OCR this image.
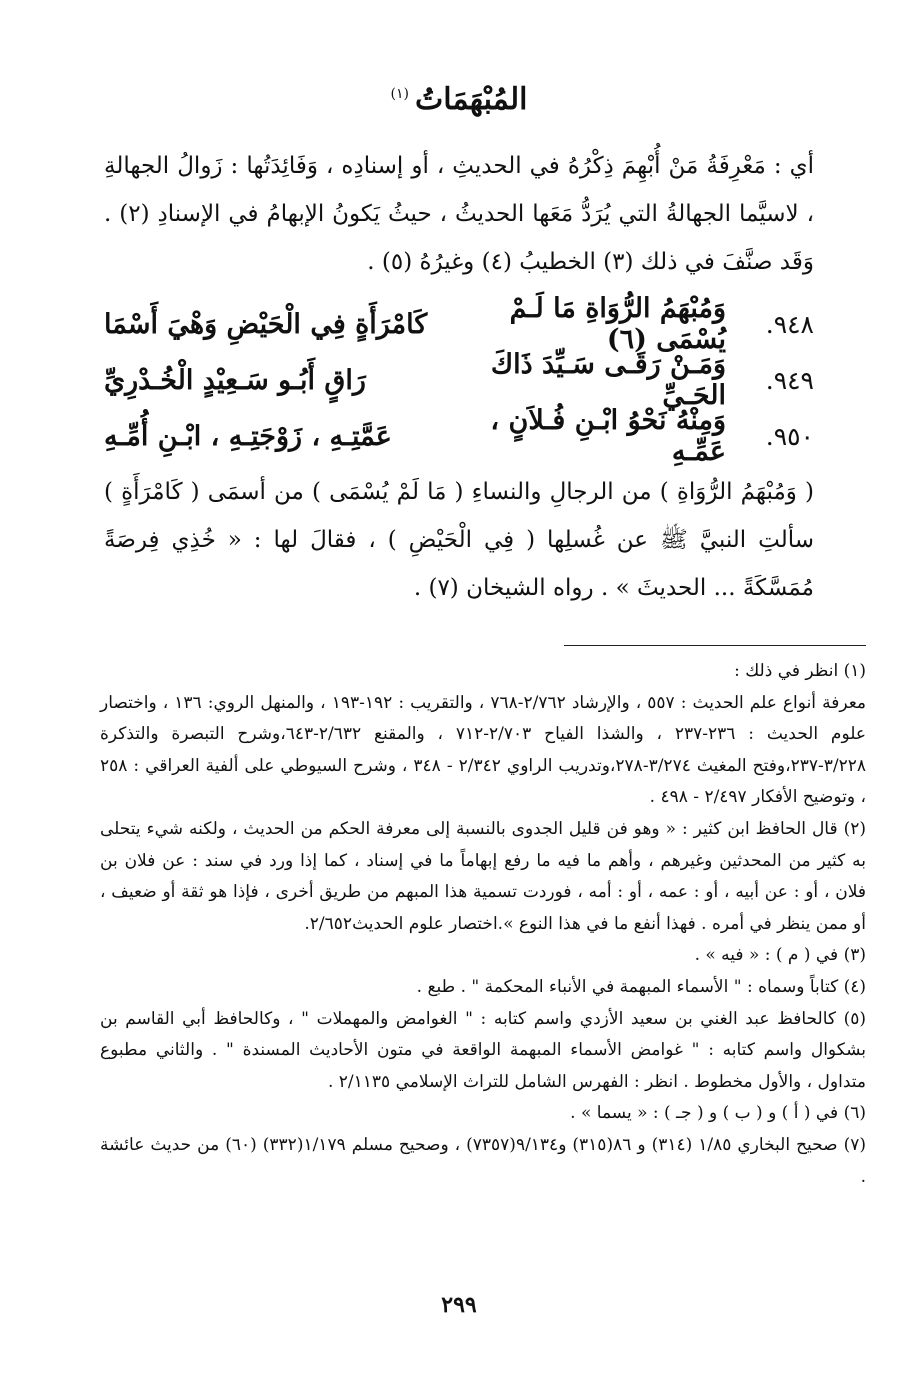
المُبْهَمَاتُ$^{(١)}$

أي : مَعْرِفَةُ مَنْ أُبْهِمَ ذِكْرُهُ في الحديثِ ، أو إسنادِه ، وَفَائِدَتُها : زَوالُ الجهالةِ ، لاسيَّما الجهالةُ التي يُرَدُّ مَعَها الحديثُ ، حيثُ يَكونُ الإبهامُ في الإسنادِ (٢) . وَقَد صنَّفَ في ذلك (٣) الخطيبُ (٤) وغيرُهُ (٥) .

٩٤٨.
وَمُبْهَمُ الرُّوَاةِ مَا لَـمْ يُسْمَى (٦)
كَامْرَأَةٍ فِي الْحَيْضِ وَهْيَ أَسْمَا
٩٤٩.
وَمَـنْ رَقَـى سَـيِّدَ ذَاكَ الحَـيِّ
رَاقٍ أَبُـو سَـعِيْدٍ الْخُـدْرِيِّ
٩٥٠.
وَمِنْهُ نَحْوُ ابْـنِ فُـلاَنٍ ، عَمِّـهِ
عَمَّتِـهِ ، زَوْجَتِـهِ ، ابْـنِ أُمِّـهِ

( وَمُبْهَمُ الرُّوَاةِ ) من الرجالِ والنساءِ ( مَا لَمْ يُسْمَى ) من أسمَى ( كَامْرَأَةٍ ) سألتِ النبيَّ ﷺ عن غُسلِها ( فِي الْحَيْضِ ) ، فقالَ لها : « خُذِي فِرصَةً مُمَسَّكَةً ... الحديثَ » . رواه الشيخان (٧) .

(١) انظر في ذلك :

معرفة أنواع علم الحديث : ٥٥٧ ، والإرشاد ٢/٧٦٢-٧٦٨ ، والتقريب : ١٩٢-١٩٣ ، والمنهل الروي: ١٣٦ ، واختصار علوم الحديث : ٢٣٦-٢٣٧ ، والشذا الفياح ٢/٧٠٣-٧١٢ ، والمقنع ٢/٦٣٢-٦٤٣،وشرح التبصرة والتذكرة ٣/٢٢٨-٢٣٧،وفتح المغيث ٣/٢٧٤-٢٧٨،وتدريب الراوي ٢/٣٤٢ - ٣٤٨ ، وشرح السيوطي على ألفية العراقي : ٢٥٨ ، وتوضيح الأفكار ٢/٤٩٧ - ٤٩٨ .

(٢) قال الحافظ ابن كثير : « وهو فن قليل الجدوى بالنسبة إلى معرفة الحكم من الحديث ، ولكنه شيء يتحلى به كثير من المحدثين وغيرهم ، وأهم ما فيه ما رفع إبهاماً ما في إسناد ، كما إذا ورد في سند : عن فلان بن فلان ، أو : عن أبيه ، أو : عمه ، أو : أمه ، فوردت تسمية هذا المبهم من طريق أخرى ، فإذا هو ثقة أو ضعيف ، أو ممن ينظر في أمره . فهذا أنفع ما في هذا النوع ».اختصار علوم الحديث٢/٦٥٢.

(٣) في ( م ) : « فيه » .

(٤) كتاباً وسماه : " الأسماء المبهمة في الأنباء المحكمة " . طبع .

(٥) كالحافظ عبد الغني بن سعيد الأزدي واسم كتابه : " الغوامض والمهملات " ، وكالحافظ أبي القاسم بن بشكوال واسم كتابه : " غوامض الأسماء المبهمة الواقعة في متون الأحاديث المسندة " . والثاني مطبوع متداول ، والأول مخطوط . انظر : الفهرس الشامل للتراث الإسلامي ٢/١١٣٥ .

(٦) في ( أ ) و ( ب ) و ( جـ ) : « يسما » .

(٧) صحيح البخاري ١/٨٥ (٣١٤) و ٨٦(٣١٥) و٩/١٣٤(٧٣٥٧) ، وصحيح مسلم ١/١٧٩(٣٣٢) (٦٠) من حديث عائشة .

٢٩٩
